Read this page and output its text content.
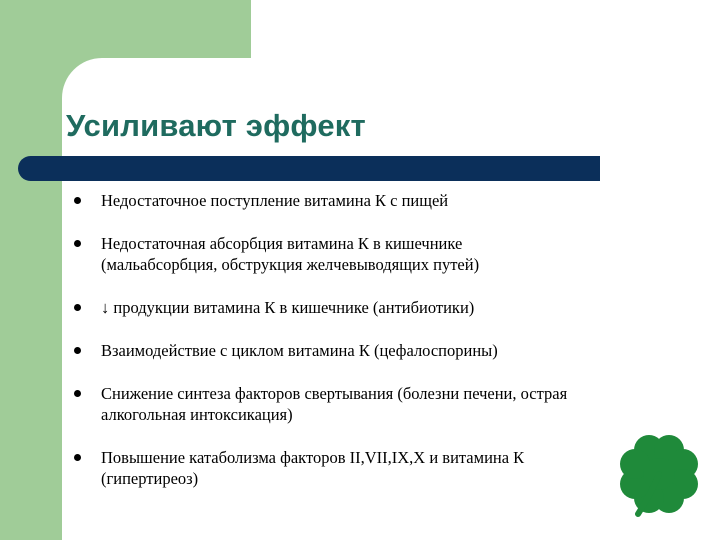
Усиливают эффект
Недостаточное поступление витамина К с пищей
Недостаточная абсорбция витамина К в кишечнике
(мальабсорбция, обструкция желчевыводящих путей)
↓ продукции витамина К в кишечнике (антибиотики)
Взаимодействие с циклом витамина К (цефалоспорины)
Снижение синтеза факторов свертывания (болезни печени, острая
алкогольная интоксикация)
Повышение катаболизма факторов II,VII,IX,X и витамина К
(гипертиреоз)
